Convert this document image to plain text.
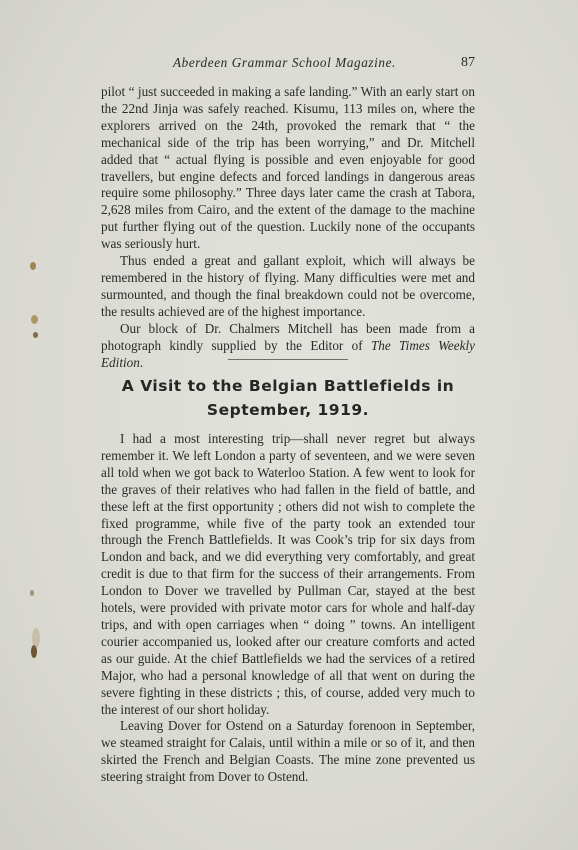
Aberdeen Grammar School Magazine.	87

pilot “ just succeeded in making a safe landing.” With an early start on the 22nd Jinja was safely reached. Kisumu, 113 miles on, where the explorers arrived on the 24th, provoked the remark that “ the mechanical side of the trip has been worrying,” and Dr. Mitchell added that “ actual flying is possible and even enjoyable for good travellers, but engine defects and forced landings in dangerous areas require some philosophy.” Three days later came the crash at Tabora, 2,628 miles from Cairo, and the extent of the damage to the machine put further flying out of the question. Luckily none of the occupants was seriously hurt.

Thus ended a great and gallant exploit, which will always be remembered in the history of flying. Many difficulties were met and surmounted, and though the final breakdown could not be overcome, the results achieved are of the highest importance.

Our block of Dr. Chalmers Mitchell has been made from a photograph kindly supplied by the Editor of The Times Weekly Edition.

A Visit to the Belgian Battlefields in
September, 1919.

I had a most interesting trip—shall never regret but always remember it. We left London a party of seventeen, and we were seven all told when we got back to Waterloo Station. A few went to look for the graves of their relatives who had fallen in the field of battle, and these left at the first opportunity ; others did not wish to complete the fixed programme, while five of the party took an extended tour through the French Battlefields. It was Cook’s trip for six days from London and back, and we did everything very comfortably, and great credit is due to that firm for the success of their arrangements. From London to Dover we travelled by Pullman Car, stayed at the best hotels, were provided with private motor cars for whole and half-day trips, and with open carriages when “ doing ” towns. An intelligent courier accompanied us, looked after our creature comforts and acted as our guide. At the chief Battlefields we had the services of a retired Major, who had a personal knowledge of all that went on during the severe fighting in these districts ; this, of course, added very much to the interest of our short holiday.

Leaving Dover for Ostend on a Saturday forenoon in September, we steamed straight for Calais, until within a mile or so of it, and then skirted the French and Belgian Coasts. The mine zone prevented us steering straight from Dover to Ostend.
